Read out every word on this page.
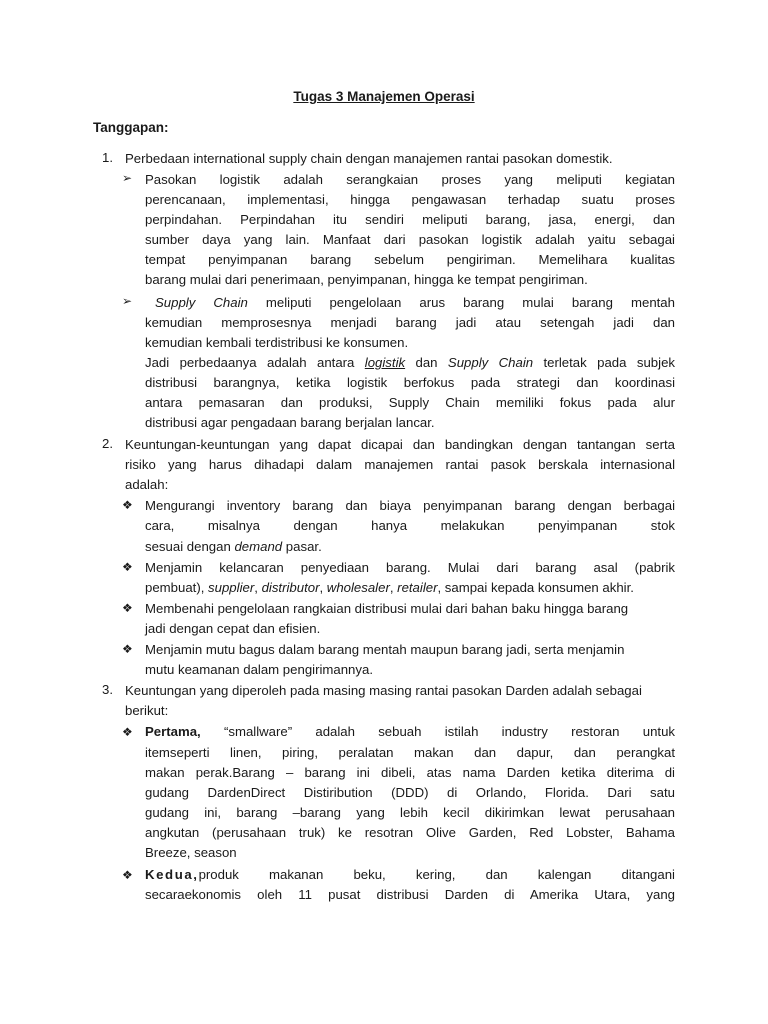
Tugas 3 Manajemen Operasi
Tanggapan:
1. Perbedaan international supply chain dengan manajemen rantai pasokan domestik.
➢ Pasokan logistik adalah serangkaian proses yang meliputi kegiatan
perencanaan, implementasi, hingga pengawasan terhadap suatu proses
perpindahan. Perpindahan itu sendiri meliputi barang, jasa, energi, dan
sumber daya yang lain. Manfaat dari pasokan logistik adalah yaitu sebagai
tempat penyimpanan barang sebelum pengiriman. Memelihara kualitas
barang mulai dari penerimaan, penyimpanan, hingga ke tempat pengiriman.
➢ Supply Chain meliputi pengelolaan arus barang mulai barang mentah
kemudian memprosesnya menjadi barang jadi atau setengah jadi dan
kemudian kembali terdistribusi ke konsumen.
Jadi perbedaanya adalah antara logistik dan Supply Chain terletak pada subjek
distribusi barangnya, ketika logistik berfokus pada strategi dan koordinasi
antara pemasaran dan produksi, Supply Chain memiliki fokus pada alur
distribusi agar pengadaan barang berjalan lancar.
2. Keuntungan-keuntungan yang dapat dicapai dan bandingkan dengan tantangan serta
risiko yang harus dihadapi dalam manajemen rantai pasok berskala internasional
adalah:
❖ Mengurangi inventory barang dan biaya penyimpanan barang dengan berbagai
cara, misalnya dengan hanya melakukan penyimpanan stok
sesuai dengan demand pasar.
❖ Menjamin kelancaran penyediaan barang. Mulai dari barang asal (pabrik
pembuat), supplier, distributor, wholesaler, retailer, sampai kepada konsumen akhir.
❖ Membenahi pengelolaan rangkaian distribusi mulai dari bahan baku hingga barang
jadi dengan cepat dan efisien.
❖ Menjamin mutu bagus dalam barang mentah maupun barang jadi, serta menjamin
mutu keamanan dalam pengirimannya.
3. Keuntungan yang diperoleh pada masing masing rantai pasokan Darden adalah sebagai
berikut:
❖ Pertama, “smallware” adalah sebuah istilah industry restoran untuk
itemseperti linen, piring, peralatan makan dan dapur, dan perangkat
makan perak.Barang – barang ini dibeli, atas nama Darden ketika diterima di
gudang DardenDirect Distiribution (DDD) di Orlando, Florida. Dari satu
gudang ini, barang –barang yang lebih kecil dikirimkan lewat perusahaan
angkutan (perusahaan truk) ke resotran Olive Garden, Red Lobster, Bahama
Breeze, season
❖ Kedua,produk makanan beku, kering, dan kalengan ditangani
secaraekonomis oleh 11 pusat distribusi Darden di Amerika Utara, yang
